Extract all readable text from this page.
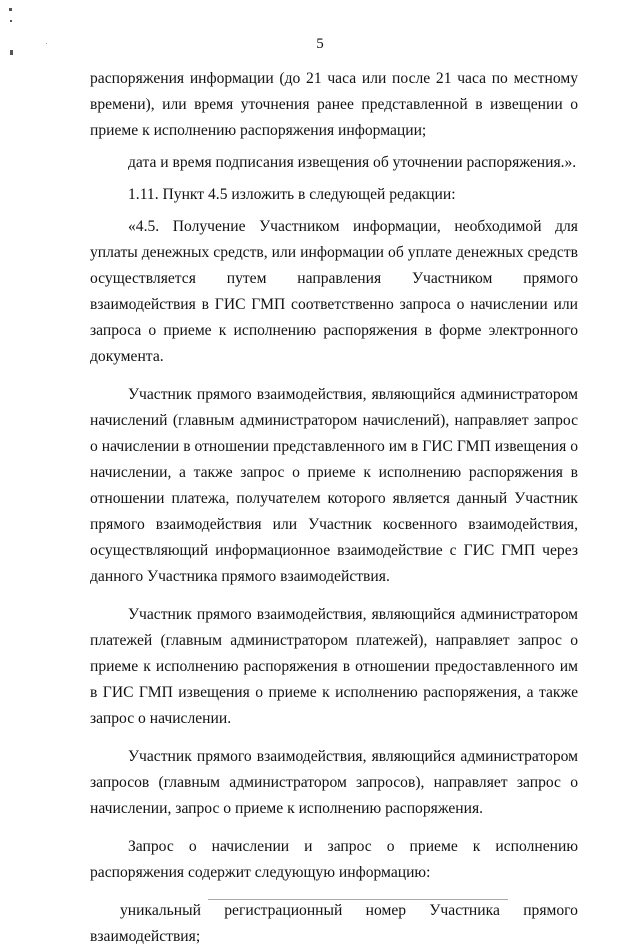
5

распоряжения информации (до 21 часа или после 21 часа по местному времени), или время уточнения ранее представленной в извещении о приеме к исполнению распоряжения информации;

дата и время подписания извещения об уточнении распоряжения.».

1.11. Пункт 4.5 изложить в следующей редакции:

«4.5. Получение Участником информации, необходимой для уплаты денежных средств, или информации об уплате денежных средств осуществляется путем направления Участником прямого взаимодействия в ГИС ГМП соответственно запроса о начислении или запроса о приеме к исполнению распоряжения в форме электронного документа.

Участник прямого взаимодействия, являющийся администратором начислений (главным администратором начислений), направляет запрос о начислении в отношении представленного им в ГИС ГМП извещения о начислении, а также запрос о приеме к исполнению распоряжения в отношении платежа, получателем которого является данный Участник прямого взаимодействия или Участник косвенного взаимодействия, осуществляющий информационное взаимодействие с ГИС ГМП через данного Участника прямого взаимодействия.

Участник прямого взаимодействия, являющийся администратором платежей (главным администратором платежей), направляет запрос о приеме к исполнению распоряжения в отношении предоставленного им в ГИС ГМП извещения о приеме к исполнению распоряжения, а также запрос о начислении.

Участник прямого взаимодействия, являющийся администратором запросов (главным администратором запросов), направляет запрос о начислении, запрос о приеме к исполнению распоряжения.

Запрос о начислении и запрос о приеме к исполнению распоряжения содержит следующую информацию:

уникальный регистрационный номер Участника прямого

взаимодействия;
